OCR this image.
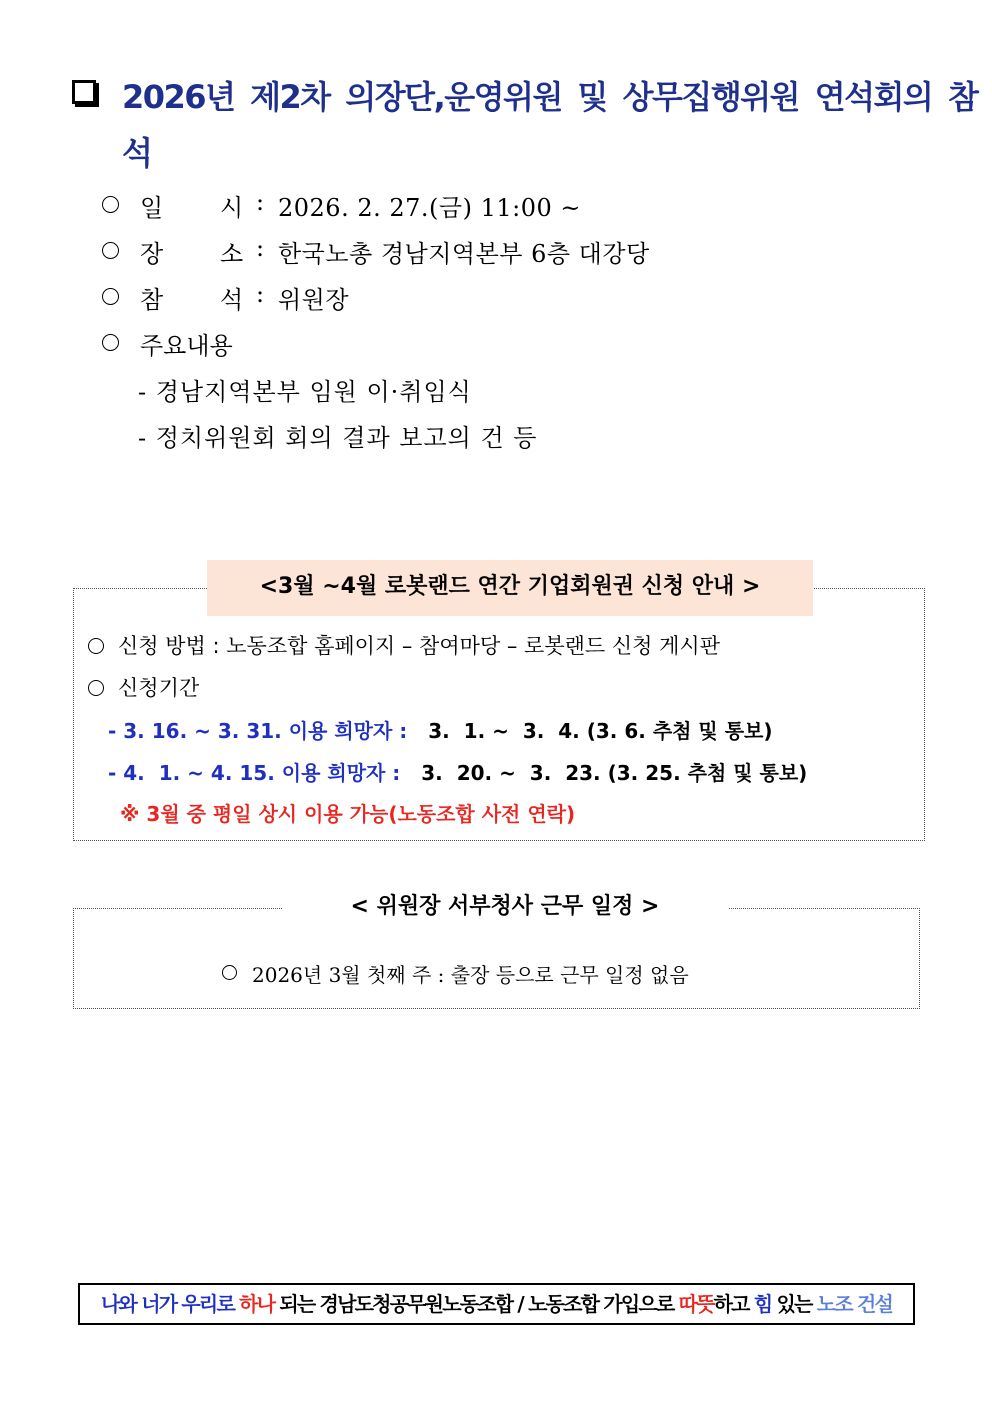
2026년 제2차 의장단,운영위원 및 상무집행위원 연석회의 참
석
일 시 : 2026. 2. 27.(금) 11:00 ~
장 소 : 한국노총 경남지역본부 6층 대강당
참 석 : 위원장
주요내용
- 경남지역본부 임원 이·취임식
- 정치위원회 회의 결과 보고의 건 등
<3월 ~4월 로봇랜드 연간 기업회원권 신청 안내 >
신청 방법 : 노동조합 홈페이지 – 참여마당 – 로봇랜드 신청 게시판
신청기간
- 3. 16. ~ 3. 31. 이용 희망자 : 3.  1. ~  3.  4. (3. 6. 추첨 및 통보)
- 4.  1. ~ 4. 15. 이용 희망자 : 3.  20. ~  3.  23. (3. 25. 추첨 및 통보)
※ 3월 중 평일 상시 이용 가능(노동조합 사전 연락)
< 위원장 서부청사 근무 일정 >
2026년 3월 첫째 주 : 출장 등으로 근무 일정 없음
나와 너가 우리로 하나 되는 경남도청공무원노동조합 / 노동조합 가입으로 따뜻하고 힘 있는 노조 건설
